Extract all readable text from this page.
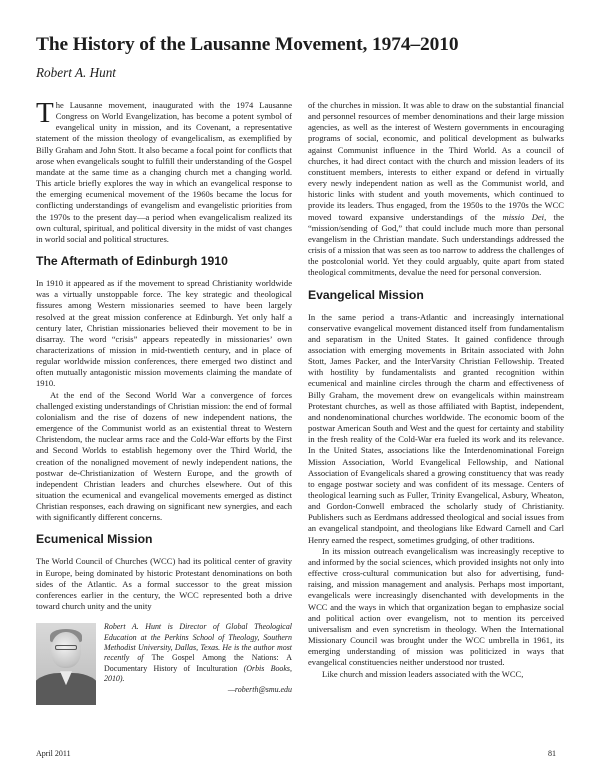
The History of the Lausanne Movement, 1974–2010
Robert A. Hunt

The Lausanne movement, inaugurated with the 1974 Lausanne Congress on World Evangelization, has become a potent symbol of evangelical unity in mission, and its Covenant, a representative statement of the mission theology of evangelicalism, as exemplified by Billy Graham and John Stott. It also became a focal point for conflicts that arose when evangelicals sought to fulfill their understanding of the Gospel mandate at the same time as a changing church met a changing world. This article briefly explores the way in which an evangelical response to the emerging ecumenical movement of the 1960s became the locus for conflicting understandings of evangelism and evangelistic priorities from the 1970s to the present day—a period when evangelicalism realized its own cultural, spiritual, and political diversity in the midst of vast changes in world social and political structures.

The Aftermath of Edinburgh 1910

In 1910 it appeared as if the movement to spread Christianity worldwide was a virtually unstoppable force. The key strategic and theological fissures among Western missionaries seemed to have been largely resolved at the great mission conference at Edinburgh. Yet only half a century later, Christian missionaries believed their movement to be in disarray. The word “crisis” appears repeatedly in missionaries’ own characterizations of mission in mid-twentieth century, and in place of regular worldwide mission conferences, there emerged two distinct and often mutually antagonistic mission movements claiming the mandate of 1910.

At the end of the Second World War a convergence of forces challenged existing understandings of Christian mission: the end of formal colonialism and the rise of dozens of new independent nations, the emergence of the Communist world as an existential threat to Western Christendom, the nuclear arms race and the Cold-War efforts by the First and Second Worlds to establish hegemony over the Third World, the creation of the nonaligned movement of newly independent nations, the postwar de-Christianization of Western Europe, and the growth of independent Christian leaders and churches elsewhere. Out of this situation the ecumenical and evangelical movements emerged as distinct Christian responses, each drawing on significant new synergies, and each with significantly different concerns.

Ecumenical Mission

The World Council of Churches (WCC) had its political center of gravity in Europe, being dominated by historic Protestant denominations on both sides of the Atlantic. As a formal successor to the great mission conferences earlier in the century, the WCC represented both a drive toward church unity and the unity

Robert A. Hunt is Director of Global Theological Education at the Perkins School of Theology, Southern Methodist University, Dallas, Texas. He is the author most recently of The Gospel Among the Nations: A Documentary History of Inculturation (Orbis Books, 2010).
—roberth@smu.edu

of the churches in mission. It was able to draw on the substantial financial and personnel resources of member denominations and their large mission agencies, as well as the interest of Western governments in encouraging programs of social, economic, and political development as bulwarks against Communist influence in the Third World. As a council of churches, it had direct contact with the church and mission leaders of its constituent members, interests to either expand or defend in virtually every newly independent nation as well as the Communist world, and historic links with student and youth movements, which continued to provide its leaders. Thus engaged, from the 1950s to the 1970s the WCC moved toward expansive understandings of the missio Dei, the “mission/sending of God,” that could include much more than personal evangelism in the Christian mandate. Such understandings addressed the crisis of a mission that was seen as too narrow to address the challenges of the postcolonial world. Yet they could arguably, quite apart from stated theological commitments, devalue the need for personal conversion.

Evangelical Mission

In the same period a trans-Atlantic and increasingly international conservative evangelical movement distanced itself from fundamentalism and separatism in the United States. It gained confidence through association with emerging movements in Britain associated with John Stott, James Packer, and the InterVarsity Christian Fellowship. Treated with hostility by fundamentalists and granted recognition within ecumenical and mainline circles through the charm and effectiveness of Billy Graham, the movement drew on evangelicals within mainstream Protestant churches, as well as those affiliated with Baptist, independent, and nondenominational churches worldwide. The economic boom of the postwar American South and West and the quest for certainty and stability in the fresh reality of the Cold-War era fueled its work and its relevance. In the United States, associations like the Interdenominational Foreign Mission Association, World Evangelical Fellowship, and National Association of Evangelicals shared a growing constituency that was ready to engage postwar society and was confident of its message. Centers of theological learning such as Fuller, Trinity Evangelical, Asbury, Wheaton, and Gordon-Conwell embraced the scholarly study of Christianity. Publishers such as Eerdmans addressed theological and social issues from an evangelical standpoint, and theologians like Edward Carnell and Carl Henry earned the respect, sometimes grudging, of other traditions.

In its mission outreach evangelicalism was increasingly receptive to and informed by the social sciences, which provided insights not only into effective cross-cultural communication but also for advertising, fund-raising, and mission management and analysis. Perhaps most important, evangelicals were increasingly disenchanted with developments in the WCC and the ways in which that organization began to emphasize social and political action over evangelism, not to mention its perceived universalism and even syncretism in theology. When the International Missionary Council was brought under the WCC umbrella in 1961, its emerging understanding of mission was politicized in ways that evangelical constituencies neither understood nor trusted.

Like church and mission leaders associated with the WCC,

April 2011	81
